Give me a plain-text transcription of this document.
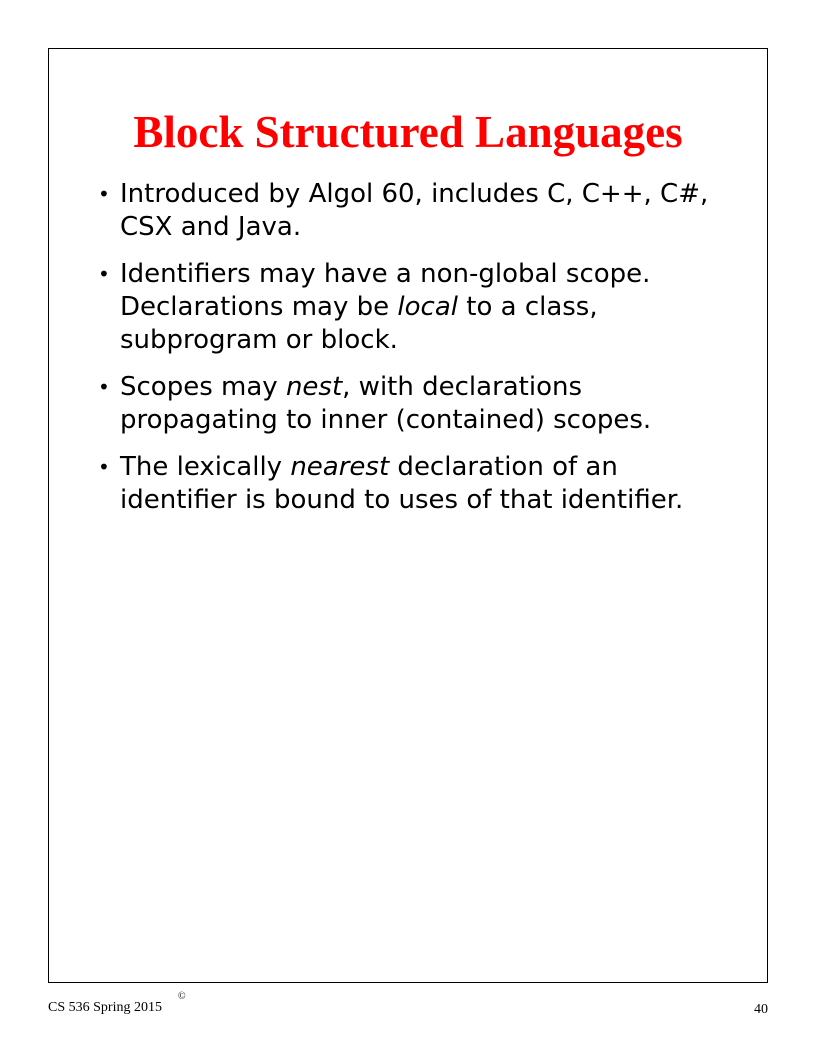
Block Structured Languages
• Introduced by Algol 60, includes C, C++, C#, CSX and Java.
• Identifiers may have a non-global scope. Declarations may be local to a class, subprogram or block.
• Scopes may nest, with declarations propagating to inner (contained) scopes.
• The lexically nearest declaration of an identifier is bound to uses of that identifier.
CS 536 Spring 2015
©
40
